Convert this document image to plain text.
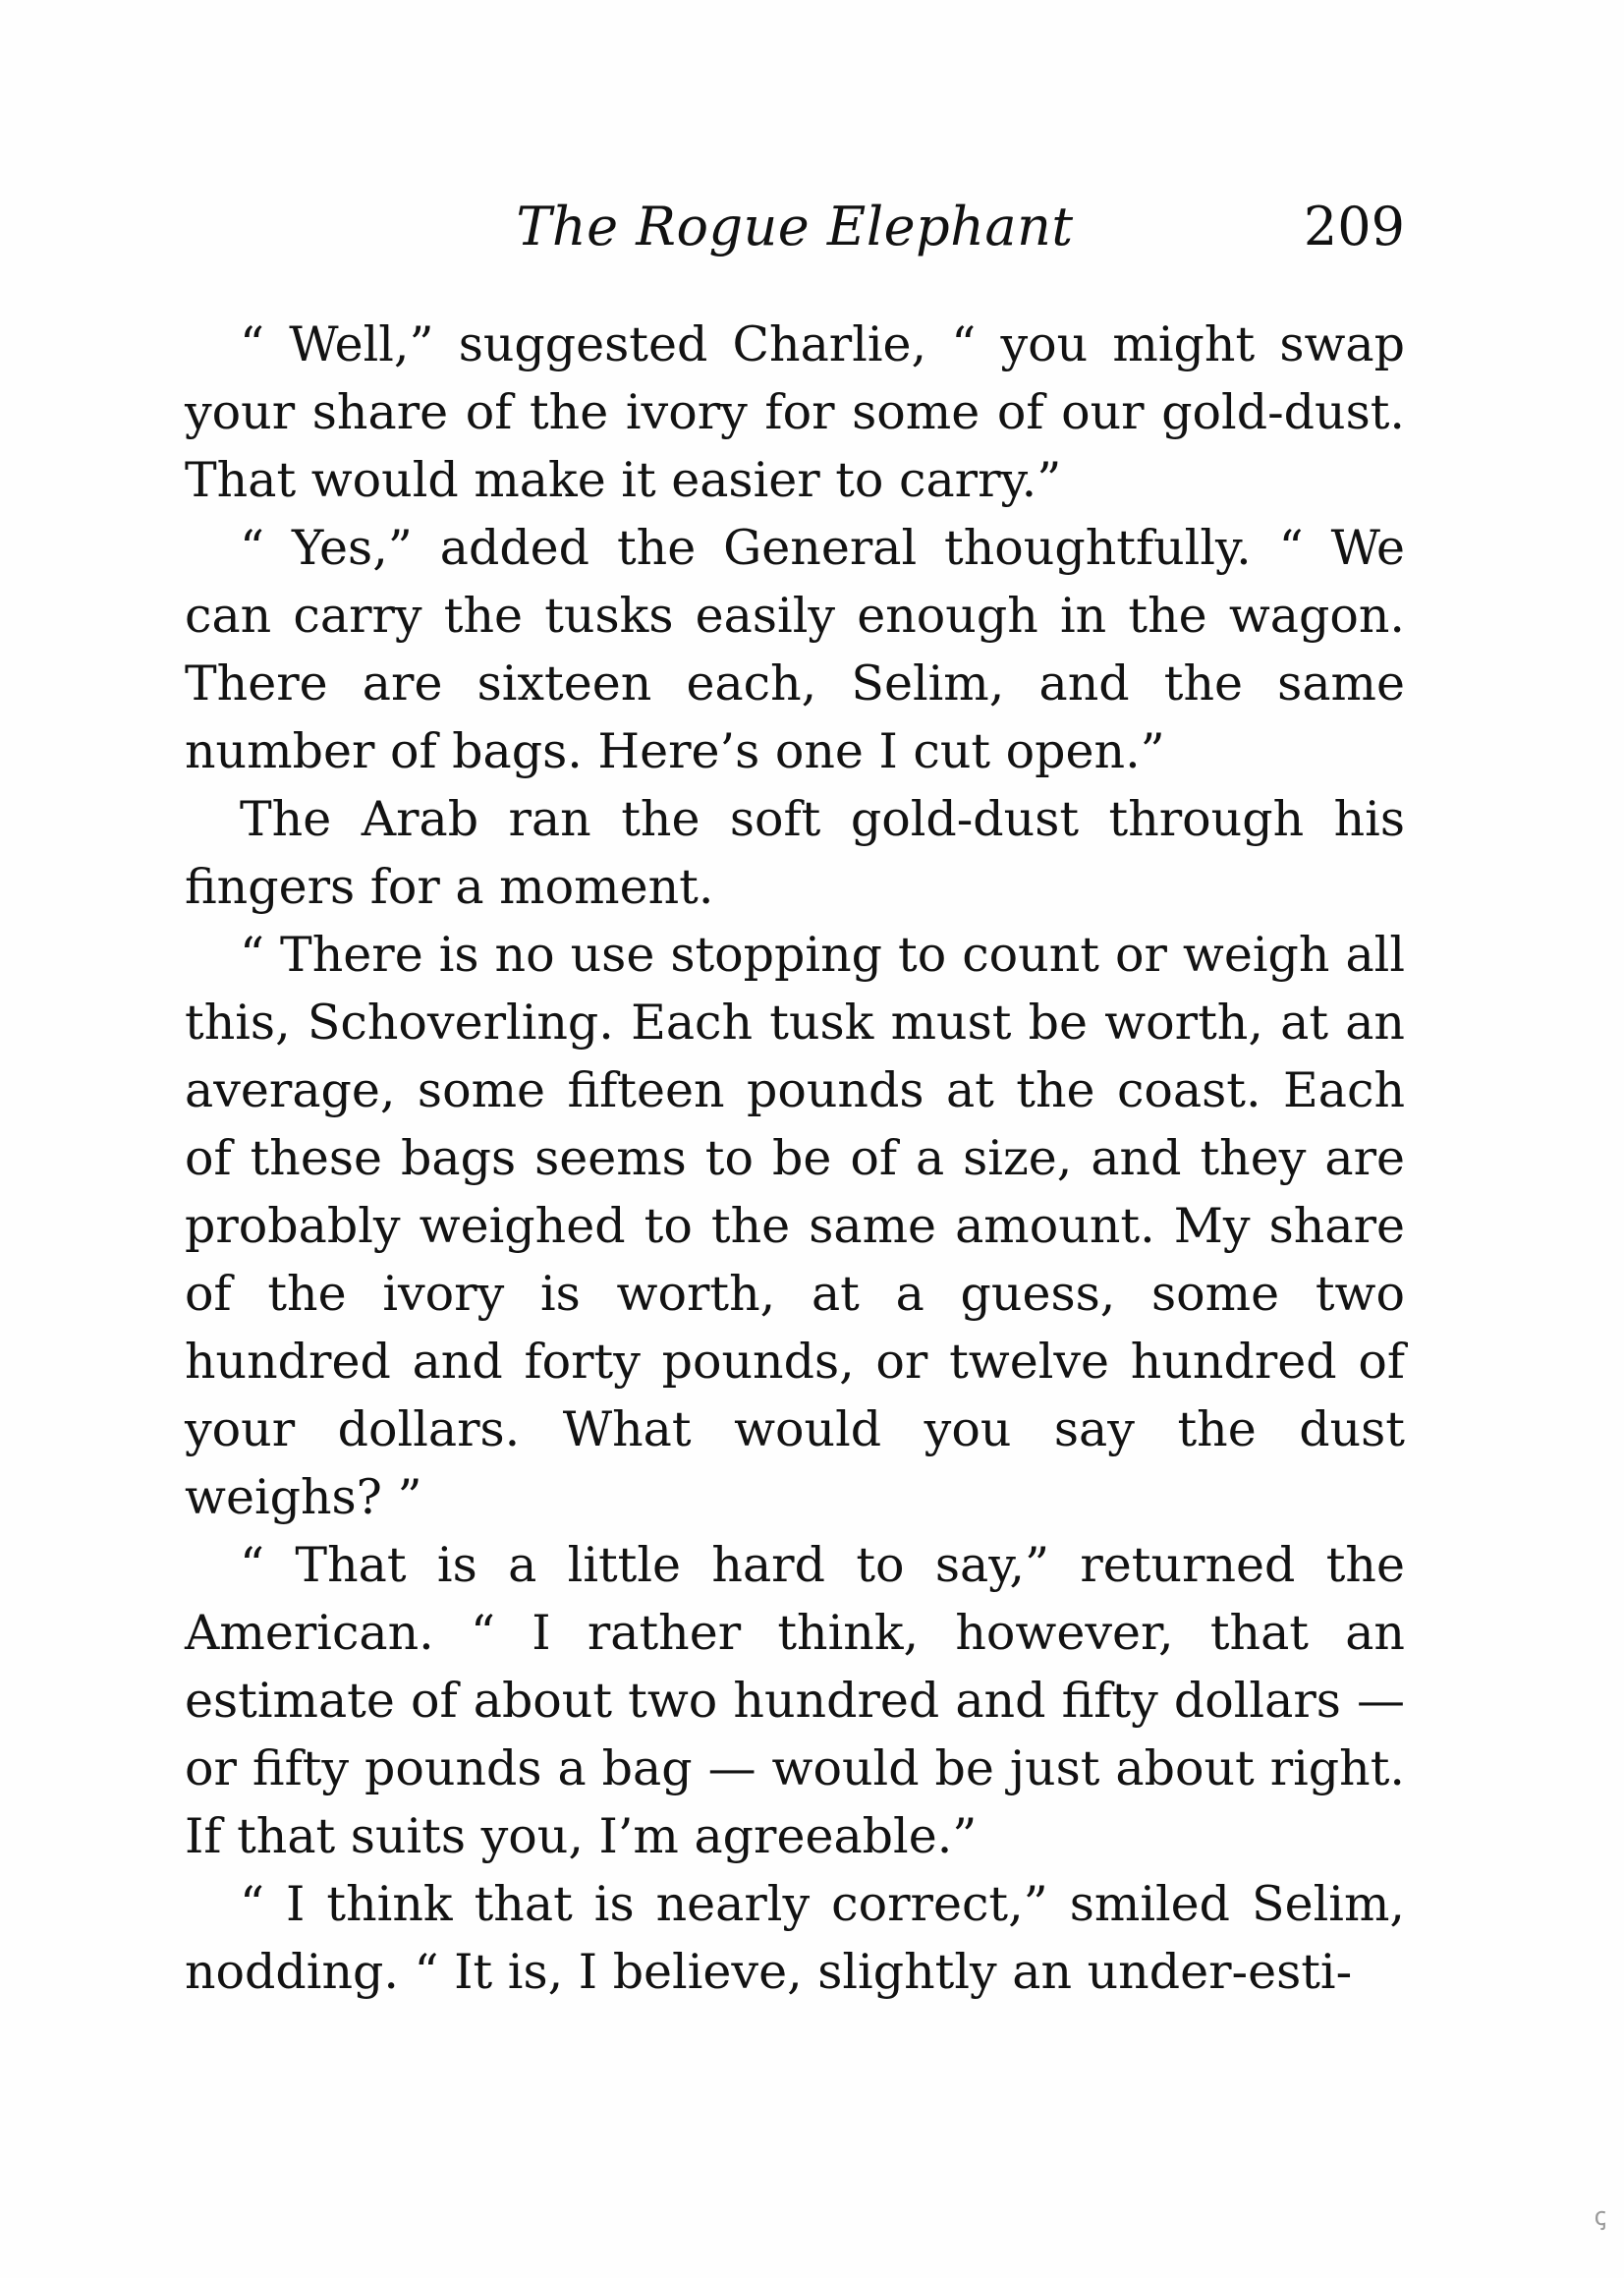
The Rogue Elephant	209

“ Well,” suggested Charlie, “ you might swap your share of the ivory for some of our gold-dust. That would make it easier to carry.”

“ Yes,” added the General thoughtfully. “ We can carry the tusks easily enough in the wagon. There are sixteen each, Selim, and the same number of bags. Here’s one I cut open.”

The Arab ran the soft gold-dust through his fingers for a moment.

“ There is no use stopping to count or weigh all this, Schoverling. Each tusk must be worth, at an average, some fifteen pounds at the coast. Each of these bags seems to be of a size, and they are probably weighed to the same amount. My share of the ivory is worth, at a guess, some two hundred and forty pounds, or twelve hundred of your dollars. What would you say the dust weighs? ”

“ That is a little hard to say,” returned the American. “ I rather think, however, that an estimate of about two hundred and fifty dollars — or fifty pounds a bag — would be just about right. If that suits you, I’m agreeable.”

“ I think that is nearly correct,” smiled Selim, nodding. “ It is, I believe, slightly an under-esti-

ꞔ
